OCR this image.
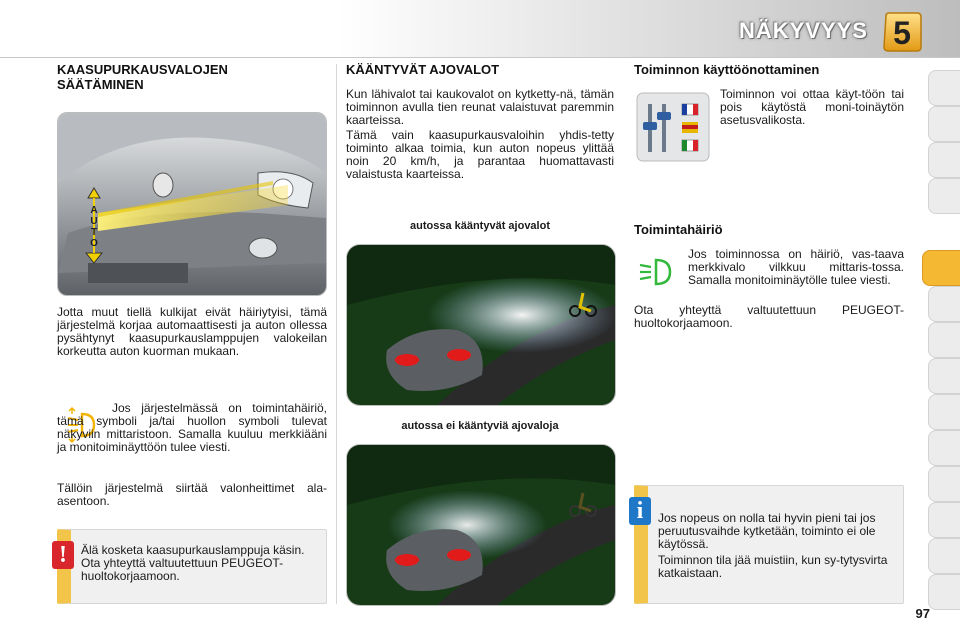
NÄKYVYYS 5
KAASUPURKAUSVALOJEN SÄÄTÄMINEN
A
U
T
O

Jotta muut tiellä kulkijat eivät häiriytyisi, tämä järjestelmä korjaa automaattisesti ja auton ollessa pysähtynyt kaasupurkauslamppujen valokeilan korkeutta auton kuorman mukaan.

Jos järjestelmässä on toimintahäiriö, tämä symboli ja/tai huollon symboli tulevat näkyviin mittaristoon. Samalla kuuluu merkkiääni ja monitoiminäyttöön tulee viesti.

Tällöin järjestelmä siirtää valonheittimet ala-asentoon.

Älä kosketa kaasupurkauslamppuja käsin. Ota yhteyttä valtuutettuun PEUGEOT-huoltokorjaamoon.

!
KÄÄNTYVÄT AJOVALOT

Kun lähivalot tai kaukovalot on kytketty-nä, tämän toiminnon avulla tien reunat valaistuvat paremmin kaarteissa.

Tämä vain kaasupurkausvaloihin yhdis-tetty toiminto alkaa toimia, kun auton nopeus ylittää noin 20 km/h, ja parantaa huomattavasti valaistusta kaarteissa.

autossa kääntyvät ajovalot
autossa ei kääntyviä ajovaloja
Toiminnon käyttöönottaminen

Toiminnon voi ottaa käyt-töön tai pois käytöstä moni-toinäytön asetusvalikosta.

Toimintahäiriö

Jos toiminnossa on häiriö, vas-taava merkkivalo vilkkuu mittaris-tossa. Samalla monitoiminäytölle tulee viesti.

Ota yhteyttä valtuutettuun PEUGEOT-huoltokorjaamoon.

Jos nopeus on nolla tai hyvin pieni tai jos peruutusvaihde kytketään, toiminto ei ole käytössä.

Toiminnon tila jää muistiin, kun sy-tytysvirta katkaistaan.

i
97
